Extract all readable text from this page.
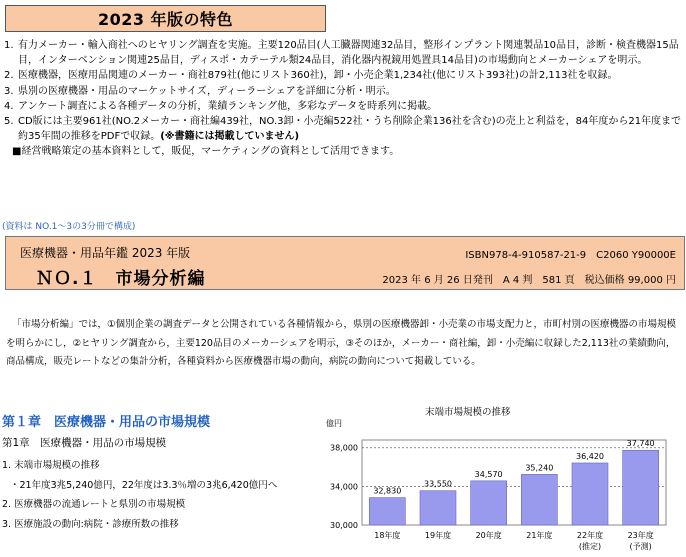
2023 年版の特色
1. 有力メーカー・輸入商社へのヒヤリング調査を実施。主要120品目(人工臓器関連32品目，整形インプラント関連製品10品目，診断・検査機器15品目，インターベンション関連25品目，ディスポ・カテーテル類24品目，消化器内視鏡用処置具14品目)の市場動向とメーカーシェアを明示。
2. 医療機器，医療用品関連のメーカー・商社879社(他にリスト360社)，卸・小売企業1,234社(他にリスト393社)の計2,113社を収録。
3. 県別の医療機器・用品のマーケットサイズ，ディーラーシェアを詳細に分析・明示。
4. アンケート調査による各種データの分析，業績ランキング他，多彩なデータを時系列に掲載。
5. CD版には主要961社(NO.2メーカー・商社編439社，NO.3卸・小売編522社・うち削除企業136社を含む)の売上と利益を，84年度から21年度まで約35年間の推移をPDFで収録。(※書籍には掲載していません)
■経営戦略策定の基本資料として，販促，マーケティングの資料として活用できます。
(資料は NO.1～3の3分冊で構成)
医療機器・用品年鑑 2023 年版	ISBN978-4-910587-21-9　C2060 Y90000E
ＮＯ.１　市場分析編	2023 年 6 月 26 日発刊　A 4 判　581 頁　税込価格 99,000 円
「市場分析編」では，①個別企業の調査データと公開されている各種情報から，県別の医療機器卸・小売業の市場支配力と，市町村別の医療機器の市場規模を明らかにし，②ヒヤリング調査から，主要120品目のメーカーシェアを明示，③そのほか，メーカー・商社編，卸・小売編に収録した2,113社の業績動向，商品構成，販売レートなどの集計分析，各種資料から医療機器市場の動向，病院の動向について掲載している。
第１章　医療機器・用品の市場規模
第1章　医療機器・用品の市場規模
1. 末端市場規模の推移
・21年度3兆5,240億円，22年度は3.3％増の3兆6,420億円へ
2. 医療機器の流通レートと県別の市場規模
3. 医療施設の動向:病院・診療所数の推移
末端市場規模の推移
億円
30,000
34,000
38,000
32,830
18年度
33,550
19年度
34,570
20年度
35,240
21年度
36,420
22年度
(推定)
37,740
23年度
(予測)
